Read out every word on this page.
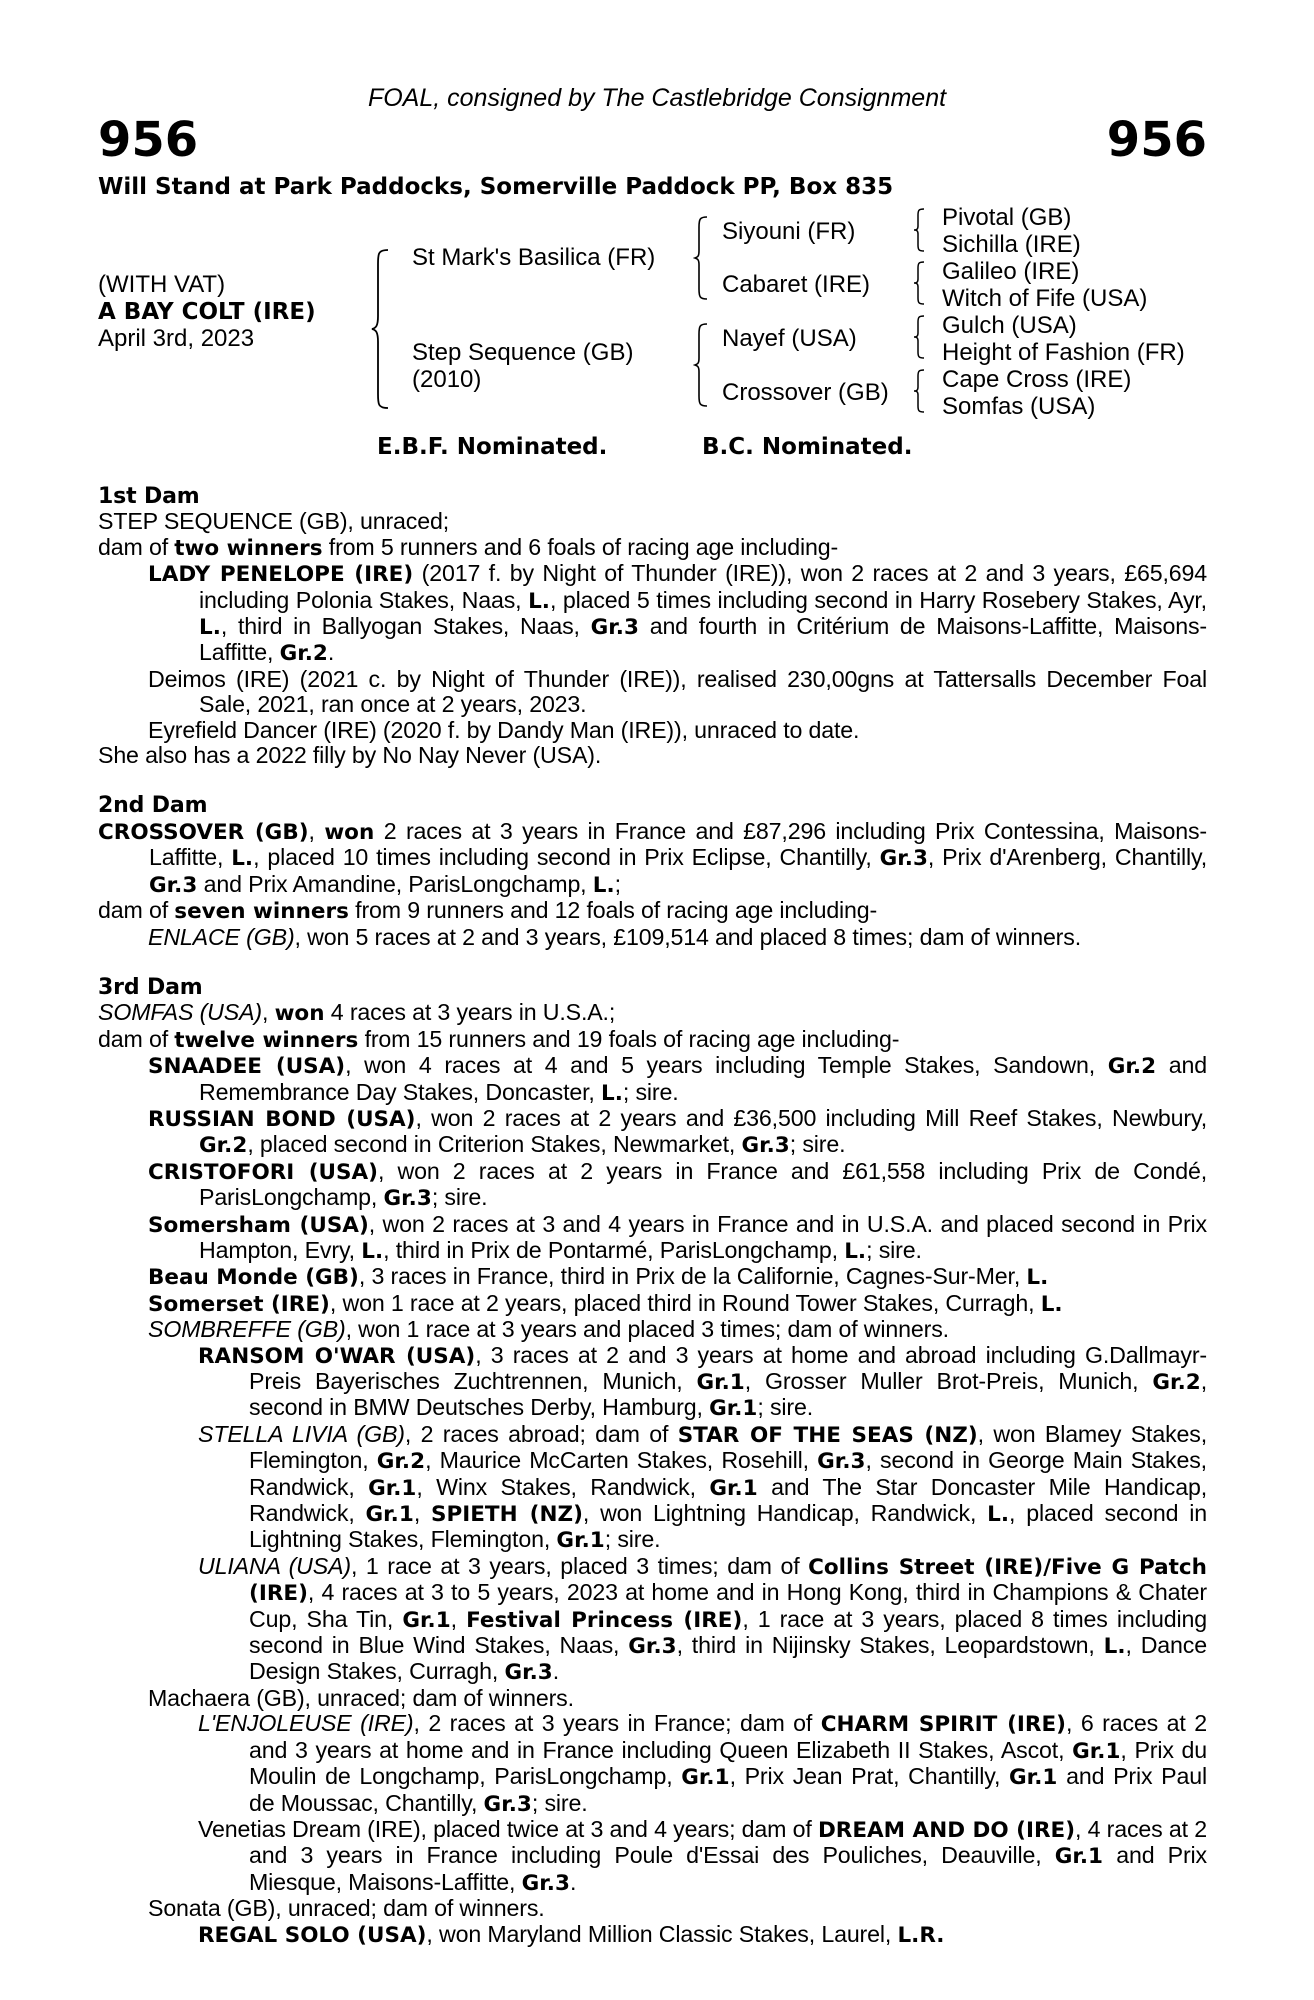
FOAL, consigned by The Castlebridge Consignment
956	956
Will Stand at Park Paddocks, Somerville Paddock PP, Box 835
(WITH VAT)
A BAY COLT (IRE)
April 3rd, 2023
St Mark's Basilica (FR)
Step Sequence (GB)
(2010)
Siyouni (FR)
Cabaret (IRE)
Nayef (USA)
Crossover (GB)
Pivotal (GB)
Sichilla (IRE)
Galileo (IRE)
Witch of Fife (USA)
Gulch (USA)
Height of Fashion (FR)
Cape Cross (IRE)
Somfas (USA)
E.B.F. Nominated.	B.C. Nominated.

1st Dam

STEP SEQUENCE (GB), unraced;

dam of two winners from 5 runners and 6 foals of racing age including-

LADY PENELOPE (IRE) (2017 f. by Night of Thunder (IRE)), won 2 races at 2 and 3 years, £65,694 including Polonia Stakes, Naas, L., placed 5 times including second in Harry Rosebery Stakes, Ayr, L., third in Ballyogan Stakes, Naas, Gr.3 and fourth in Critérium de Maisons-Laffitte, Maisons-Laffitte, Gr.2.

Deimos (IRE) (2021 c. by Night of Thunder (IRE)), realised 230,00gns at Tattersalls December Foal Sale, 2021, ran once at 2 years, 2023.

Eyrefield Dancer (IRE) (2020 f. by Dandy Man (IRE)), unraced to date.

She also has a 2022 filly by No Nay Never (USA).

2nd Dam

CROSSOVER (GB), won 2 races at 3 years in France and £87,296 including Prix Contessina, Maisons-Laffitte, L., placed 10 times including second in Prix Eclipse, Chantilly, Gr.3, Prix d'Arenberg, Chantilly, Gr.3 and Prix Amandine, ParisLongchamp, L.;

dam of seven winners from 9 runners and 12 foals of racing age including-

ENLACE (GB), won 5 races at 2 and 3 years, £109,514 and placed 8 times; dam of winners.

3rd Dam

SOMFAS (USA), won 4 races at 3 years in U.S.A.;

dam of twelve winners from 15 runners and 19 foals of racing age including-

SNAADEE (USA), won 4 races at 4 and 5 years including Temple Stakes, Sandown, Gr.2 and Remembrance Day Stakes, Doncaster, L.; sire.

RUSSIAN BOND (USA), won 2 races at 2 years and £36,500 including Mill Reef Stakes, Newbury, Gr.2, placed second in Criterion Stakes, Newmarket, Gr.3; sire.

CRISTOFORI (USA), won 2 races at 2 years in France and £61,558 including Prix de Condé, ParisLongchamp, Gr.3; sire.

Somersham (USA), won 2 races at 3 and 4 years in France and in U.S.A. and placed second in Prix Hampton, Evry, L., third in Prix de Pontarmé, ParisLongchamp, L.; sire.

Beau Monde (GB), 3 races in France, third in Prix de la Californie, Cagnes-Sur-Mer, L.

Somerset (IRE), won 1 race at 2 years, placed third in Round Tower Stakes, Curragh, L.

SOMBREFFE (GB), won 1 race at 3 years and placed 3 times; dam of winners.

RANSOM O'WAR (USA), 3 races at 2 and 3 years at home and abroad including G.Dallmayr-Preis Bayerisches Zuchtrennen, Munich, Gr.1, Grosser Muller Brot-Preis, Munich, Gr.2, second in BMW Deutsches Derby, Hamburg, Gr.1; sire.

STELLA LIVIA (GB), 2 races abroad; dam of STAR OF THE SEAS (NZ), won Blamey Stakes, Flemington, Gr.2, Maurice McCarten Stakes, Rosehill, Gr.3, second in George Main Stakes, Randwick, Gr.1, Winx Stakes, Randwick, Gr.1 and The Star Doncaster Mile Handicap, Randwick, Gr.1, SPIETH (NZ), won Lightning Handicap, Randwick, L., placed second in Lightning Stakes, Flemington, Gr.1; sire.

ULIANA (USA), 1 race at 3 years, placed 3 times; dam of Collins Street (IRE)/Five G Patch (IRE), 4 races at 3 to 5 years, 2023 at home and in Hong Kong, third in Champions & Chater Cup, Sha Tin, Gr.1, Festival Princess (IRE), 1 race at 3 years, placed 8 times including second in Blue Wind Stakes, Naas, Gr.3, third in Nijinsky Stakes, Leopardstown, L., Dance Design Stakes, Curragh, Gr.3.

Machaera (GB), unraced; dam of winners.

L'ENJOLEUSE (IRE), 2 races at 3 years in France; dam of CHARM SPIRIT (IRE), 6 races at 2 and 3 years at home and in France including Queen Elizabeth II Stakes, Ascot, Gr.1, Prix du Moulin de Longchamp, ParisLongchamp, Gr.1, Prix Jean Prat, Chantilly, Gr.1 and Prix Paul de Moussac, Chantilly, Gr.3; sire.

Venetias Dream (IRE), placed twice at 3 and 4 years; dam of DREAM AND DO (IRE), 4 races at 2 and 3 years in France including Poule d'Essai des Pouliches, Deauville, Gr.1 and Prix Miesque, Maisons-Laffitte, Gr.3.

Sonata (GB), unraced; dam of winners.

REGAL SOLO (USA), won Maryland Million Classic Stakes, Laurel, L.R.
